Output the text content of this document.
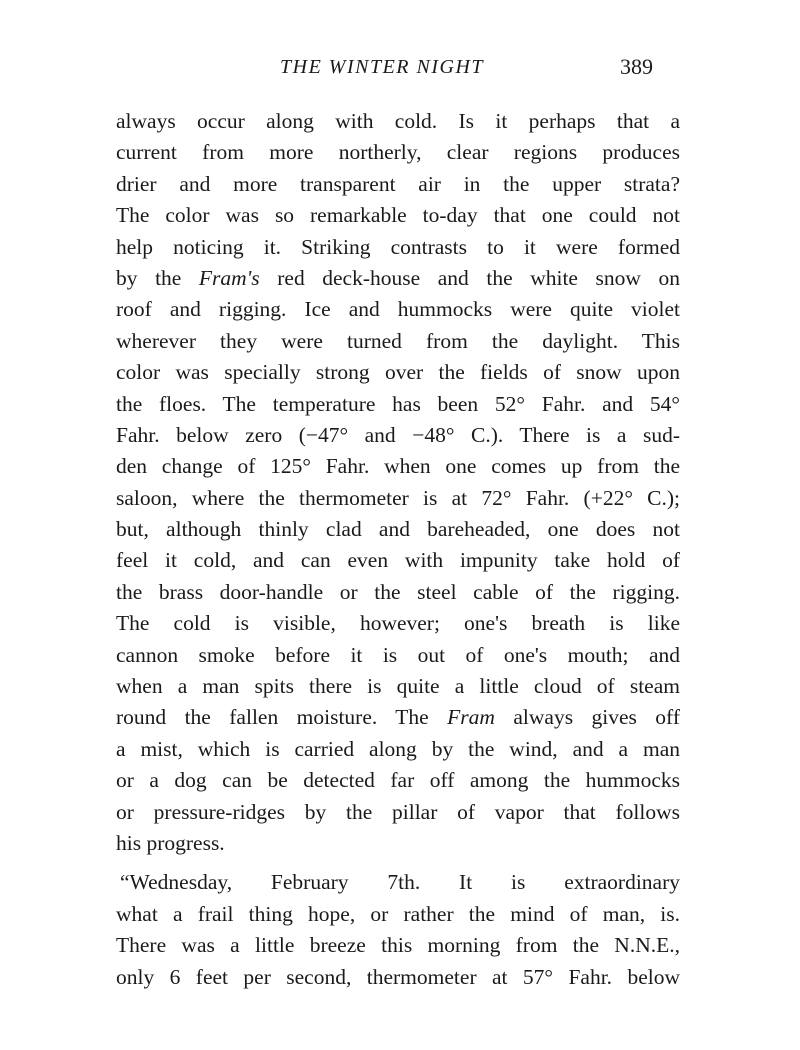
THE WINTER NIGHT	389
always occur along with cold. Is it perhaps that a
current from more northerly, clear regions produces
drier and more transparent air in the upper strata?
The color was so remarkable to-day that one could not
help noticing it. Striking contrasts to it were formed
by the Fram's red deck-house and the white snow on
roof and rigging. Ice and hummocks were quite violet
wherever they were turned from the daylight. This
color was specially strong over the fields of snow upon
the floes. The temperature has been 52° Fahr. and 54°
Fahr. below zero (−47° and −48° C.). There is a sud-
den change of 125° Fahr. when one comes up from the
saloon, where the thermometer is at 72° Fahr. (+22° C.);
but, although thinly clad and bareheaded, one does not
feel it cold, and can even with impunity take hold of
the brass door-handle or the steel cable of the rigging.
The cold is visible, however; one's breath is like
cannon smoke before it is out of one's mouth; and
when a man spits there is quite a little cloud of steam
round the fallen moisture. The Fram always gives off
a mist, which is carried along by the wind, and a man
or a dog can be detected far off among the hummocks
or pressure-ridges by the pillar of vapor that follows
his progress.
“Wednesday, February 7th. It is extraordinary
what a frail thing hope, or rather the mind of man, is.
There was a little breeze this morning from the N.N.E.,
only 6 feet per second, thermometer at 57° Fahr. below
